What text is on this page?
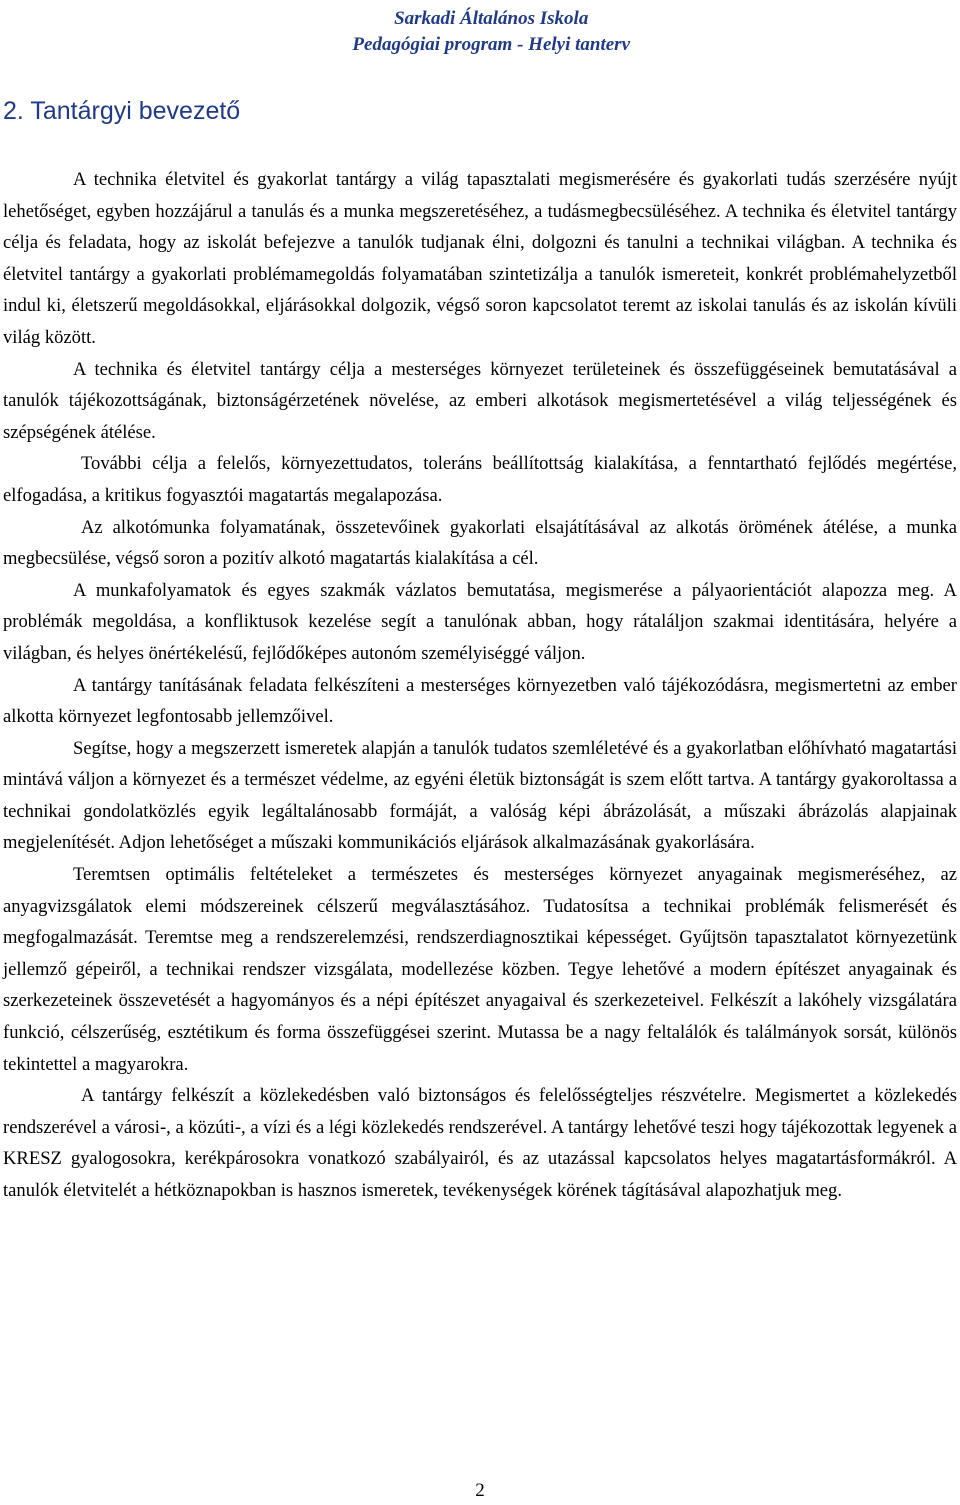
Sarkadi Általános Iskola
Pedagógiai program - Helyi tanterv
2. Tantárgyi bevezető

A technika életvitel és gyakorlat tantárgy a világ tapasztalati megismerésére és gyakorlati tudás szerzésére nyújt lehetőséget, egyben hozzájárul a tanulás és a munka megszeretéséhez, a tudásmegbecsüléséhez. A technika és életvitel tantárgy célja és feladata, hogy az iskolát befejezve a tanulók tudjanak élni, dolgozni és tanulni a technikai világban. A technika és életvitel tantárgy a gyakorlati problémamegoldás folyamatában szintetizálja a tanulók ismereteit, konkrét problémahelyzetből indul ki, életszerű megoldásokkal, eljárásokkal dolgozik, végső soron kapcsolatot teremt az iskolai tanulás és az iskolán kívüli világ között.

A technika és életvitel tantárgy célja a mesterséges környezet területeinek és összefüggéseinek bemutatásával a tanulók tájékozottságának, biztonságérzetének növelése, az emberi alkotások megismertetésével a világ teljességének és szépségének átélése.

További célja a felelős, környezettudatos, toleráns beállítottság kialakítása, a fenntartható fejlődés megértése, elfogadása, a kritikus fogyasztói magatartás megalapozása.

Az alkotómunka folyamatának, összetevőinek gyakorlati elsajátításával az alkotás örömének átélése, a munka megbecsülése, végső soron a pozitív alkotó magatartás kialakítása a cél.

A munkafolyamatok és egyes szakmák vázlatos bemutatása, megismerése a pályaorientációt alapozza meg. A problémák megoldása, a konfliktusok kezelése segít a tanulónak abban, hogy rátaláljon szakmai identitására, helyére a világban, és helyes önértékelésű, fejlődőképes autonóm személyiséggé váljon.

A tantárgy tanításának feladata felkészíteni a mesterséges környezetben való tájékozódásra, megismertetni az ember alkotta környezet legfontosabb jellemzőivel.

Segítse, hogy a megszerzett ismeretek alapján a tanulók tudatos szemléletévé és a gyakorlatban előhívható magatartási mintává váljon a környezet és a természet védelme, az egyéni életük biztonságát is szem előtt tartva. A tantárgy gyakoroltassa a technikai gondolatközlés egyik legáltalánosabb formáját, a valóság képi ábrázolását, a műszaki ábrázolás alapjainak megjelenítését. Adjon lehetőséget a műszaki kommunikációs eljárások alkalmazásának gyakorlására.

Teremtsen optimális feltételeket a természetes és mesterséges környezet anyagainak megismeréséhez, az anyagvizsgálatok elemi módszereinek célszerű megválasztásához. Tudatosítsa a technikai problémák felismerését és megfogalmazását. Teremtse meg a rendszerelemzési, rendszerdiagnosztikai képességet. Gyűjtsön tapasztalatot környezetünk jellemző gépeiről, a technikai rendszer vizsgálata, modellezése közben. Tegye lehetővé a modern építészet anyagainak és szerkezeteinek összevetését a hagyományos és a népi építészet anyagaival és szerkezeteivel. Felkészít a lakóhely vizsgálatára funkció, célszerűség, esztétikum és forma összefüggései szerint. Mutassa be a nagy feltalálók és találmányok sorsát, különös tekintettel a magyarokra.

A tantárgy felkészít a közlekedésben való biztonságos és felelősségteljes részvételre. Megismertet a közlekedés rendszerével a városi-, a közúti-, a vízi és a légi közlekedés rendszerével. A tantárgy lehetővé teszi hogy tájékozottak legyenek a KRESZ gyalogosokra, kerékpárosokra vonatkozó szabályairól, és az utazással kapcsolatos helyes magatartásformákról. A tanulók életvitelét a hétköznapokban is hasznos ismeretek, tevékenységek körének tágításával alapozhatjuk meg.

2
